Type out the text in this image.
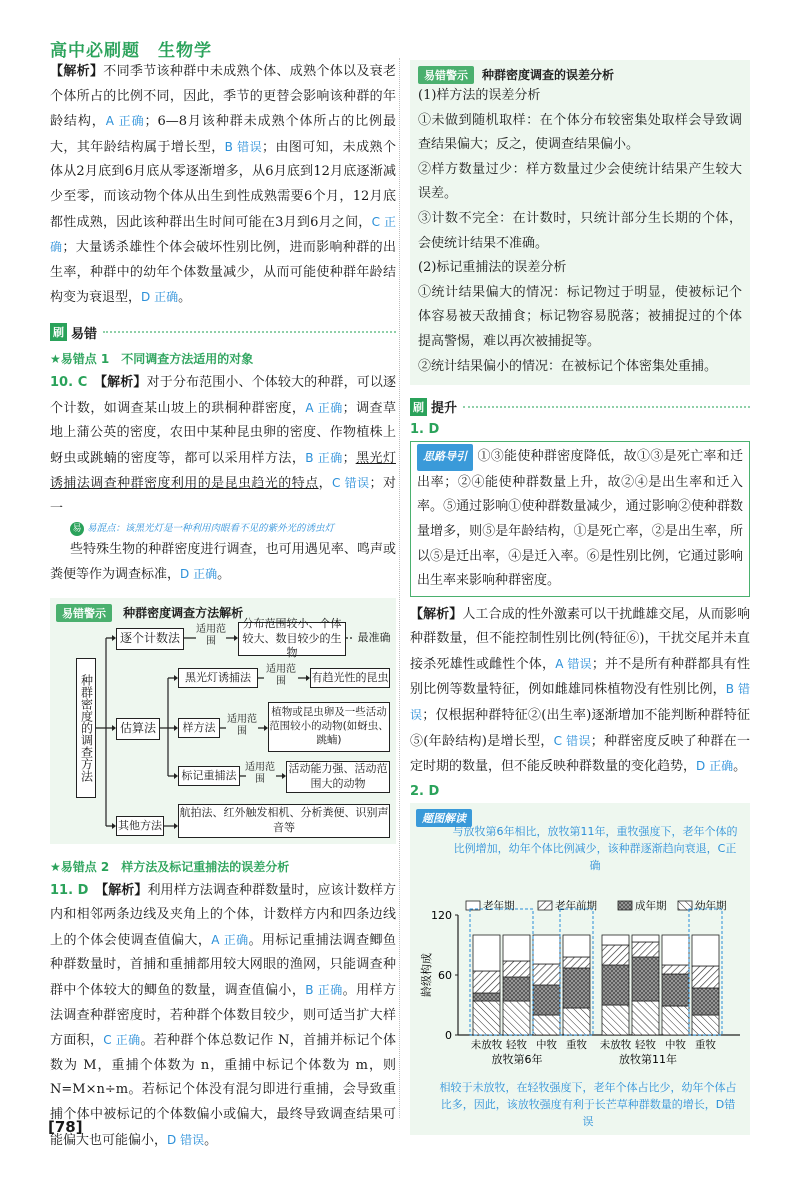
高中必刷题　生物学

【解析】不同季节该种群中未成熟个体、成熟个体以及衰老个体所占的比例不同，因此，季节的更替会影响该种群的年龄结构，A 正确；6—8月该种群未成熟个体所占的比例最大，其年龄结构属于增长型，B 错误；由图可知，未成熟个体从2月底到6月底从零逐渐增多，从6月底到12月底逐渐减少至零，而该动物个体从出生到性成熟需要6个月，12月底都性成熟，因此该种群出生时间可能在3月到6月之间，C 正确；大量诱杀雄性个体会破坏性别比例，进而影响种群的出生率，种群中的幼年个体数量减少，从而可能使种群年龄结构变为衰退型，D 正确。

刷 易错
★易错点 1　不同调查方法适用的对象

10. C　 【解析】对于分布范围小、个体较大的种群，可以逐个计数，如调查某山坡上的珙桐种群密度，A 正确；调查草地上蒲公英的密度，农田中某种昆虫卵的密度、作物植株上蚜虫或跳蝻的密度等，都可以采用样方法，B 正确；黑光灯诱捕法调查种群密度利用的是昆虫趋光的特点，C 错误；对一

易 易混点：该黑光灯是一种利用肉眼看不见的紫外光的诱虫灯

些特殊生物的种群密度进行调查，也可用遇见率、鸣声或粪便等作为调查标准，D 正确。

易错警示 种群密度调查方法解析
种群密度的调查方法
逐个计数法
适用范围
分布范围较小、个体较大、数目较少的生物
最准确
估算法
黑光灯诱捕法
适用范围	有趋光性的昆虫
样方法
适用范围
植物或昆虫卵及一些活动范围较小的动物(如蚜虫、跳蝻)
标记重捕法
适用范围
活动能力强、活动范围大的动物
其他方法
航拍法、红外触发相机、分析粪便、识别声音等
★易错点 2　样方法及标记重捕法的误差分析

11. D　 【解析】利用样方法调查种群数量时，应该计数样方内和相邻两条边线及夹角上的个体，计数样方内和四条边线上的个体会使调查值偏大，A 正确。用标记重捕法调查鲫鱼种群数量时，首捕和重捕都用较大网眼的渔网，只能调查种群中个体较大的鲫鱼的数量，调查值偏小，B 正确。用样方法调查种群密度时，若种群个体数目较少，则可适当扩大样方面积，C 正确。若种群个体总数记作 N，首捕并标记个体数为 M，重捕个体数为 n，重捕中标记个体数为 m，则 N=M×n÷m。若标记个体没有混匀即进行重捕，会导致重捕个体中被标记的个体数偏小或偏大，最终导致调查结果可能偏大也可能偏小，D 错误。

易错警示 种群密度调查的误差分析

(1)样方法的误差分析

①未做到随机取样：在个体分布较密集处取样会导致调查结果偏大；反之，使调查结果偏小。

②样方数量过少：样方数量过少会使统计结果产生较大误差。

③计数不完全：在计数时，只统计部分生长期的个体，会使统计结果不准确。

(2)标记重捕法的误差分析

①统计结果偏大的情况：标记物过于明显，使被标记个体容易被天敌捕食；标记物容易脱落；被捕捉过的个体提高警惕，难以再次被捕捉等。

②统计结果偏小的情况：在被标记个体密集处重捕。

刷 提升
1. D

思路导引 ①③能使种群密度降低，故①③是死亡率和迁出率；②④能使种群数量上升，故②④是出生率和迁入率。⑤通过影响①使种群数量减少，通过影响②使种群数量增多，则⑤是年龄结构，①是死亡率，②是出生率，所以⑤是迁出率，④是迁入率。⑥是性别比例，它通过影响出生率来影响种群密度。

【解析】人工合成的性外激素可以干扰雌雄交尾，从而影响种群数量，但不能控制性别比例(特征⑥)，干扰交尾并未直接杀死雄性或雌性个体，A 错误；并不是所有种群都具有性别比例等数量特征，例如雌雄同株植物没有性别比例，B 错误；仅根据种群特征②(出生率)逐渐增加不能判断种群特征⑤(年龄结构)是增长型，C 错误；种群密度反映了种群在一定时期的数量，但不能反映种群数量的变化趋势，D 正确。

2. D
题图解读
与放牧第6年相比，放牧第11年，重牧强度下，老年个体的比例增加，幼年个体比例减少，该种群逐渐趋向衰退，C正确
0
60
120
龄级构成
老年期	老年前期	成年期	幼年期
未放牧 轻牧 中牧 重牧 未放牧 轻牧 中牧 重牧
放牧第6年	放牧第11年
相较于未放牧，在轻牧强度下，老年个体占比少，幼年个体占比多，因此，该放牧强度有利于长芒草种群数量的增长，D错误
[78]
